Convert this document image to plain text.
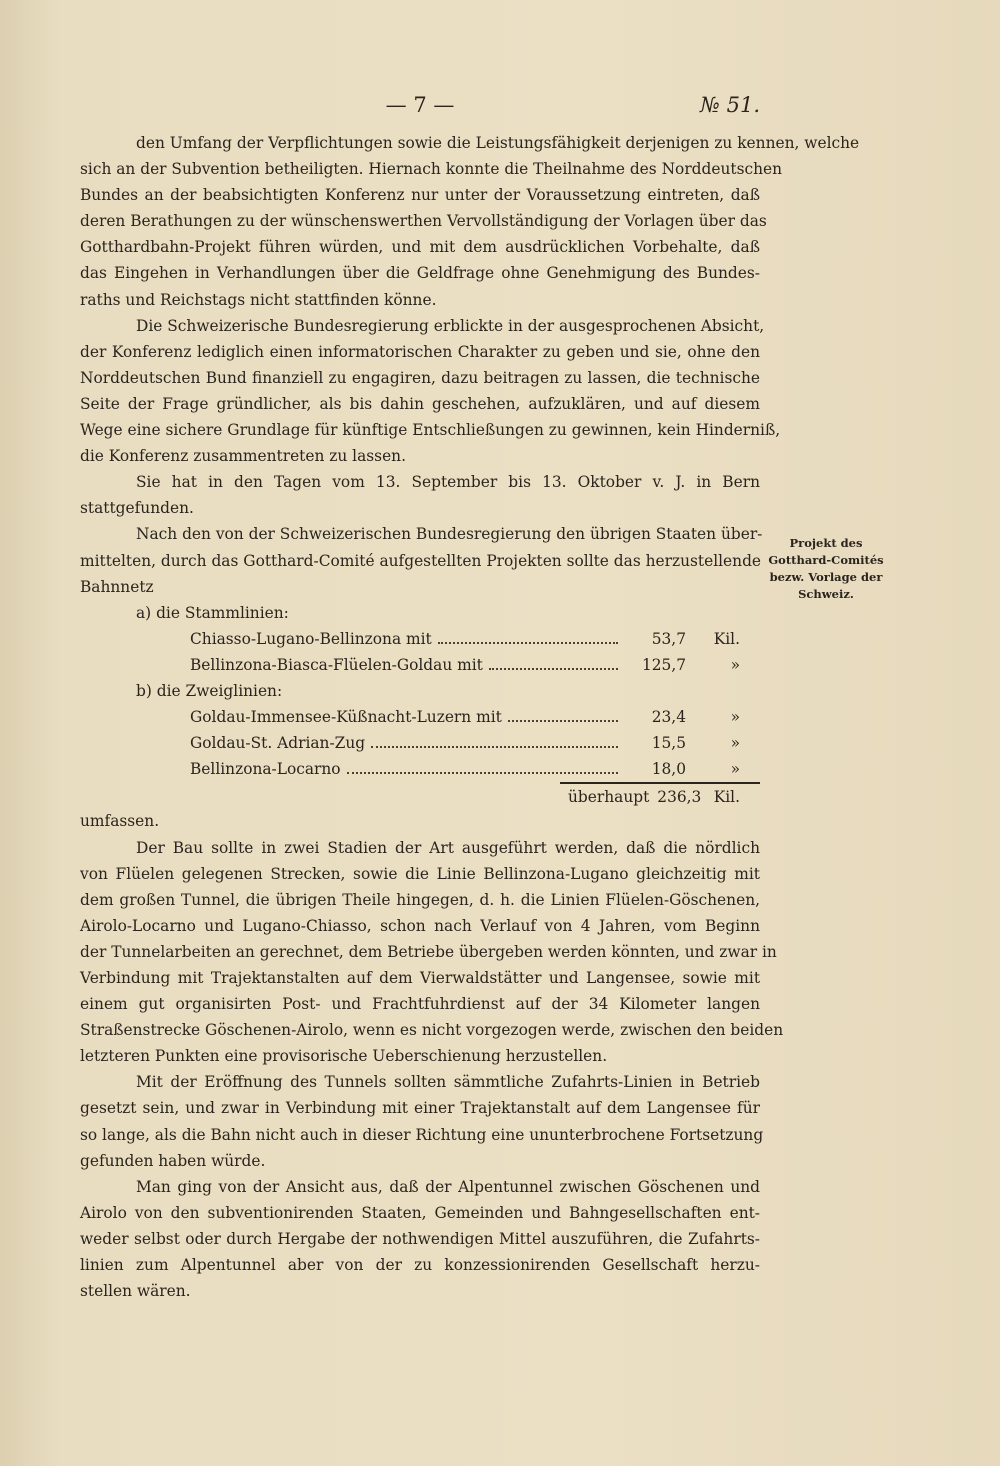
— 7 —	№ 51.
den Umfang der Verpflichtungen sowie die Leistungsfähigkeit derjenigen zu kennen, welche
sich an der Subvention betheiligten. Hiernach konnte die Theilnahme des Norddeutschen
Bundes an der beabsichtigten Konferenz nur unter der Voraussetzung eintreten, daß
deren Berathungen zu der wünschenswerthen Vervollständigung der Vorlagen über das
Gotthardbahn-Projekt führen würden, und mit dem ausdrücklichen Vorbehalte, daß
das Eingehen in Verhandlungen über die Geldfrage ohne Genehmigung des Bundes-
raths und Reichstags nicht stattfinden könne.
Die Schweizerische Bundesregierung erblickte in der ausgesprochenen Absicht,
der Konferenz lediglich einen informatorischen Charakter zu geben und sie, ohne den
Norddeutschen Bund finanziell zu engagiren, dazu beitragen zu lassen, die technische
Seite der Frage gründlicher, als bis dahin geschehen, aufzuklären, und auf diesem
Wege eine sichere Grundlage für künftige Entschließungen zu gewinnen, kein Hinderniß,
die Konferenz zusammentreten zu lassen.
Sie hat in den Tagen vom 13. September bis 13. Oktober v. J. in Bern
stattgefunden.
Nach den von der Schweizerischen Bundesregierung den übrigen Staaten über-
mittelten, durch das Gotthard-Comité aufgestellten Projekten sollte das herzustellende
Bahnnetz
a) die Stammlinien:
Chiasso-Lugano-Bellinzona mit	53,7	Kil.
Bellinzona-Biasca-Flüelen-Goldau mit	125,7	»
b) die Zweiglinien:
Goldau-Immensee-Küßnacht-Luzern mit	23,4	»
Goldau-St. Adrian-Zug	15,5	»
Bellinzona-Locarno	18,0	»
überhaupt 236,3 Kil.
umfassen.
Der Bau sollte in zwei Stadien der Art ausgeführt werden, daß die nördlich
von Flüelen gelegenen Strecken, sowie die Linie Bellinzona-Lugano gleichzeitig mit
dem großen Tunnel, die übrigen Theile hingegen, d. h. die Linien Flüelen-Göschenen,
Airolo-Locarno und Lugano-Chiasso, schon nach Verlauf von 4 Jahren, vom Beginn
der Tunnelarbeiten an gerechnet, dem Betriebe übergeben werden könnten, und zwar in
Verbindung mit Trajektanstalten auf dem Vierwaldstätter und Langensee, sowie mit
einem gut organisirten Post- und Frachtfuhrdienst auf der 34 Kilometer langen
Straßenstrecke Göschenen-Airolo, wenn es nicht vorgezogen werde, zwischen den beiden
letzteren Punkten eine provisorische Ueberschienung herzustellen.
Mit der Eröffnung des Tunnels sollten sämmtliche Zufahrts-Linien in Betrieb
gesetzt sein, und zwar in Verbindung mit einer Trajektanstalt auf dem Langensee für
so lange, als die Bahn nicht auch in dieser Richtung eine ununterbrochene Fortsetzung
gefunden haben würde.
Man ging von der Ansicht aus, daß der Alpentunnel zwischen Göschenen und
Airolo von den subventionirenden Staaten, Gemeinden und Bahngesellschaften ent-
weder selbst oder durch Hergabe der nothwendigen Mittel auszuführen, die Zufahrts-
linien zum Alpentunnel aber von der zu konzessionirenden Gesellschaft herzu-
stellen wären.
Projekt des
Gotthard-Comités
bezw. Vorlage der
Schweiz.
